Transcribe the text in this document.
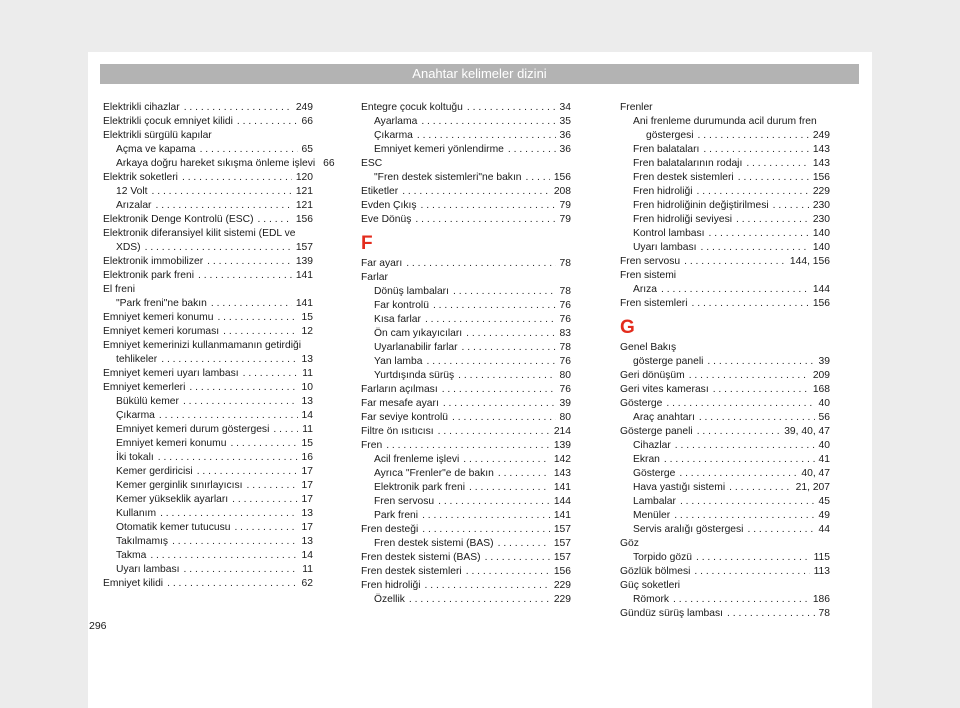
Anahtar kelimeler dizini
Elektrikli cihazlar . . .	249
Elektrikli çocuk emniyet kilidi . . .	66
Elektrikli sürgülü kapılar
Açma ve kapama . . .	65
Arkaya doğru hareket sıkışma önleme işlevi 66
Elektrik soketleri . . .	120
12 Volt . . .	121
Arızalar . . .	121
Elektronik Denge Kontrolü (ESC) . . .	156
Elektronik diferansiyel kilit sistemi (EDL ve
XDS) . . .	157
Elektronik immobilizer . . .	139
Elektronik park freni . . .	141
El freni
"Park freni"ne bakın . . .	141
Emniyet kemeri konumu . . .	15
Emniyet kemeri koruması . . .	12
Emniyet kemerinizi kullanmamanın getirdiği
tehlikeler . . .	13
Emniyet kemeri uyarı lambası . . .	11
Emniyet kemerleri . . .	10
Bükülü kemer . . .	13
Çıkarma . . .	14
Emniyet kemeri durum göstergesi . . .	11
Emniyet kemeri konumu . . .	15
İki tokalı . . .	16
Kemer gerdiricisi . . .	17
Kemer gerginlik sınırlayıcısı . . .	17
Kemer yükseklik ayarları . . .	17
Kullanım . . .	13
Otomatik kemer tutucusu . . .	17
Takılmamış . . .	13
Takma . . .	14
Uyarı lambası . . .	11
Emniyet kilidi . . .	62
Entegre çocuk koltuğu . . .	34
Ayarlama . . .	35
Çıkarma . . .	36
Emniyet kemeri yönlendirme . . .	36
ESC
"Fren destek sistemleri"ne bakın . . .	156
Etiketler . . .	208
Evden Çıkış . . .	79
Eve Dönüş . . .	79
F
Far ayarı . . .	78
Farlar
Dönüş lambaları . . .	78
Far kontrolü . . .	76
Kısa farlar . . .	76
Ön cam yıkayıcıları . . .	83
Uyarlanabilir farlar . . .	78
Yan lamba . . .	76
Yurtdışında sürüş . . .	80
Farların açılması . . .	76
Far mesafe ayarı . . .	39
Far seviye kontrolü . . .	80
Filtre ön ısıtıcısı . . .	214
Fren . . .	139
Acil frenleme işlevi . . .	142
Ayrıca "Frenler"e de bakın . . .	143
Elektronik park freni . . .	141
Fren servosu . . .	144
Park freni . . .	141
Fren desteği . . .	157
Fren destek sistemi (BAS) . . .	157
Fren destek sistemi (BAS) . . .	157
Fren destek sistemleri . . .	156
Fren hidroliği . . .	229
Özellik . . .	229
Frenler
Ani frenleme durumunda acil durum fren
göstergesi . . .	249
Fren balataları . . .	143
Fren balatalarının rodajı . . .	143
Fren destek sistemleri . . .	156
Fren hidroliği . . .	229
Fren hidroliğinin değiştirilmesi . . .	230
Fren hidroliği seviyesi . . .	230
Kontrol lambası . . .	140
Uyarı lambası . . .	140
Fren servosu . . .	144, 156
Fren sistemi
Arıza . . .	144
Fren sistemleri . . .	156
G
Genel Bakış
gösterge paneli . . .	39
Geri dönüşüm . . .	209
Geri vites kamerası . . .	168
Gösterge . . .	40
Araç anahtarı . . .	56
Gösterge paneli . . .	39, 40, 47
Cihazlar . . .	40
Ekran . . .	41
Gösterge . . .	40, 47
Hava yastığı sistemi . . .	21, 207
Lambalar . . .	45
Menüler . . .	49
Servis aralığı göstergesi . . .	44
Göz
Torpido gözü . . .	115
Gözlük bölmesi . . .	113
Güç soketleri
Römork . . .	186
Gündüz sürüş lambası . . .	78
296
